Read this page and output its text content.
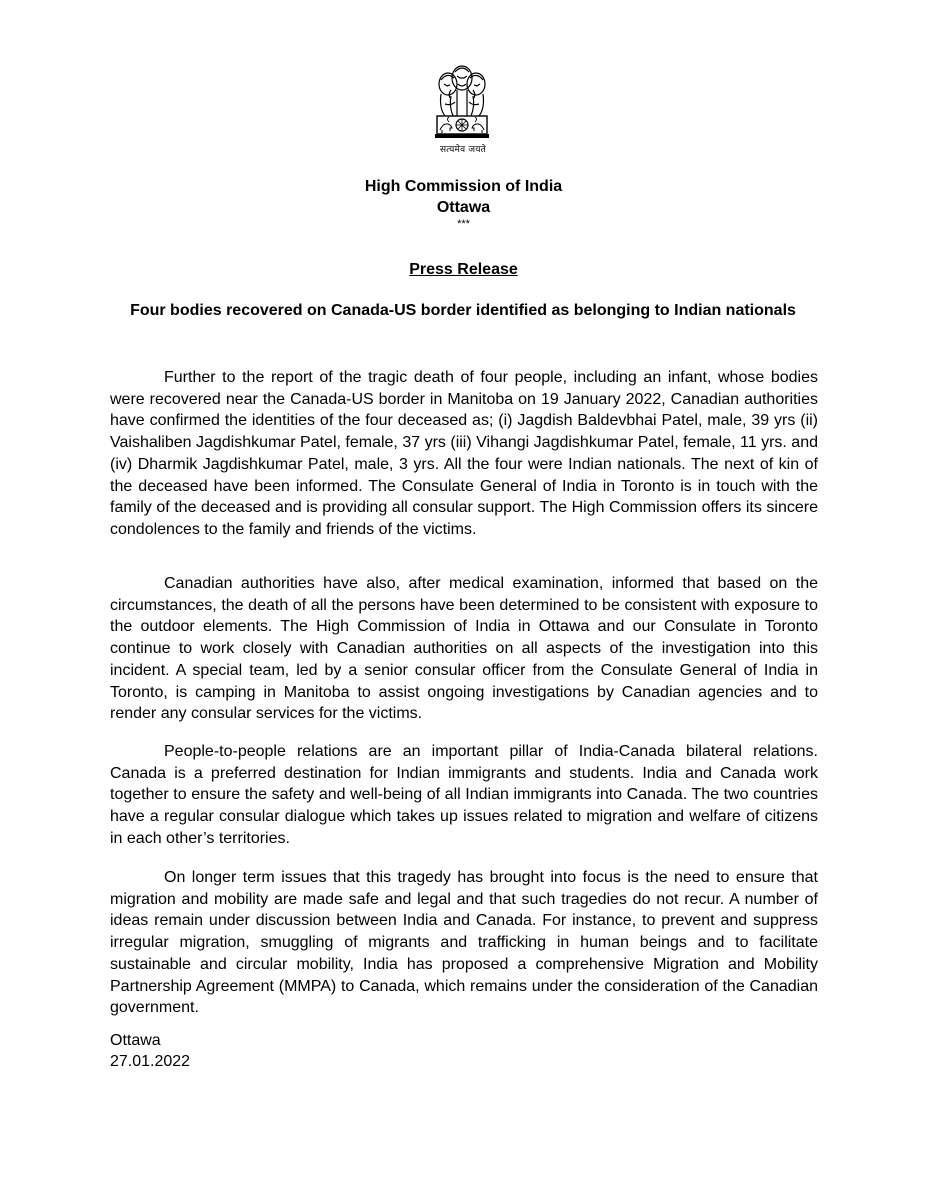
सत्यमेव जयते
High Commission of India
Ottawa
***
Press Release
Four bodies recovered on Canada-US border identified as belonging to Indian nationals

Further to the report of the tragic death of four people, including an infant, whose bodies were recovered near the Canada-US border in Manitoba on 19 January 2022, Canadian authorities have confirmed the identities of the four deceased as; (i) Jagdish Baldevbhai Patel, male, 39 yrs (ii) Vaishaliben Jagdishkumar Patel, female, 37 yrs (iii) Vihangi Jagdishkumar Patel, female, 11 yrs. and (iv) Dharmik Jagdishkumar Patel, male, 3 yrs. All the four were Indian nationals. The next of kin of the deceased have been informed. The Consulate General of India in Toronto is in touch with the family of the deceased and is providing all consular support. The High Commission offers its sincere condolences to the family and friends of the victims.

Canadian authorities have also, after medical examination, informed that based on the circumstances, the death of all the persons have been determined to be consistent with exposure to the outdoor elements. The High Commission of India in Ottawa and our Consulate in Toronto continue to work closely with Canadian authorities on all aspects of the investigation into this incident. A special team, led by a senior consular officer from the Consulate General of India in Toronto, is camping in Manitoba to assist ongoing investigations by Canadian agencies and to render any consular services for the victims.

People-to-people relations are an important pillar of India-Canada bilateral relations. Canada is a preferred destination for Indian immigrants and students. India and Canada work together to ensure the safety and well-being of all Indian immigrants into Canada. The two countries have a regular consular dialogue which takes up issues related to migration and welfare of citizens in each other’s territories.

On longer term issues that this tragedy has brought into focus is the need to ensure that migration and mobility are made safe and legal and that such tragedies do not recur. A number of ideas remain under discussion between India and Canada. For instance, to prevent and suppress irregular migration, smuggling of migrants and trafficking in human beings and to facilitate sustainable and circular mobility, India has proposed a comprehensive Migration and Mobility Partnership Agreement (MMPA) to Canada, which remains under the consideration of the Canadian government.

Ottawa
27.01.2022
